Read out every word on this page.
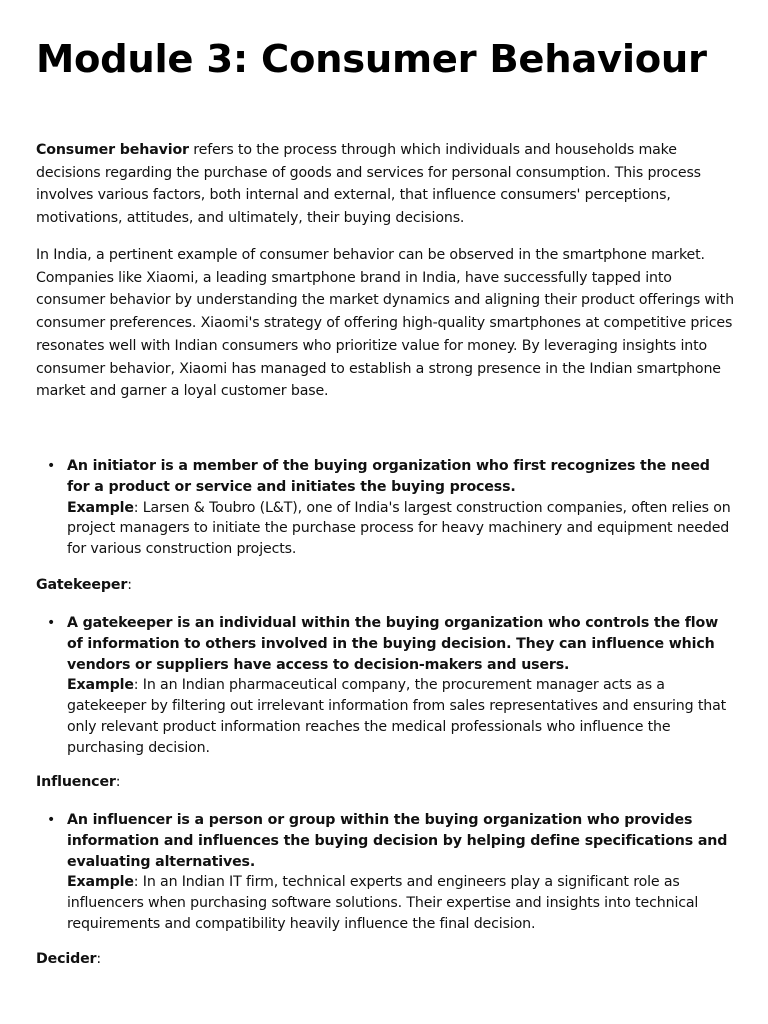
Module 3: Consumer Behaviour

Consumer behavior refers to the process through which individuals and households make decisions regarding the purchase of goods and services for personal consumption. This process involves various factors, both internal and external, that influence consumers' perceptions, motivations, attitudes, and ultimately, their buying decisions.

In India, a pertinent example of consumer behavior can be observed in the smartphone market. Companies like Xiaomi, a leading smartphone brand in India, have successfully tapped into consumer behavior by understanding the market dynamics and aligning their product offerings with consumer preferences. Xiaomi's strategy of offering high-quality smartphones at competitive prices resonates well with Indian consumers who prioritize value for money. By leveraging insights into consumer behavior, Xiaomi has managed to establish a strong presence in the Indian smartphone market and garner a loyal customer base.

• An initiator is a member of the buying organization who first recognizes the need for a product or service and initiates the buying process.
Example: Larsen & Toubro (L&T), one of India's largest construction companies, often relies on project managers to initiate the purchase process for heavy machinery and equipment needed for various construction projects.
Gatekeeper:
• A gatekeeper is an individual within the buying organization who controls the flow of information to others involved in the buying decision. They can influence which vendors or suppliers have access to decision-makers and users.
Example: In an Indian pharmaceutical company, the procurement manager acts as a gatekeeper by filtering out irrelevant information from sales representatives and ensuring that only relevant product information reaches the medical professionals who influence the purchasing decision.
Influencer:
• An influencer is a person or group within the buying organization who provides information and influences the buying decision by helping define specifications and evaluating alternatives.
Example: In an Indian IT firm, technical experts and engineers play a significant role as influencers when purchasing software solutions. Their expertise and insights into technical requirements and compatibility heavily influence the final decision.
Decider:
